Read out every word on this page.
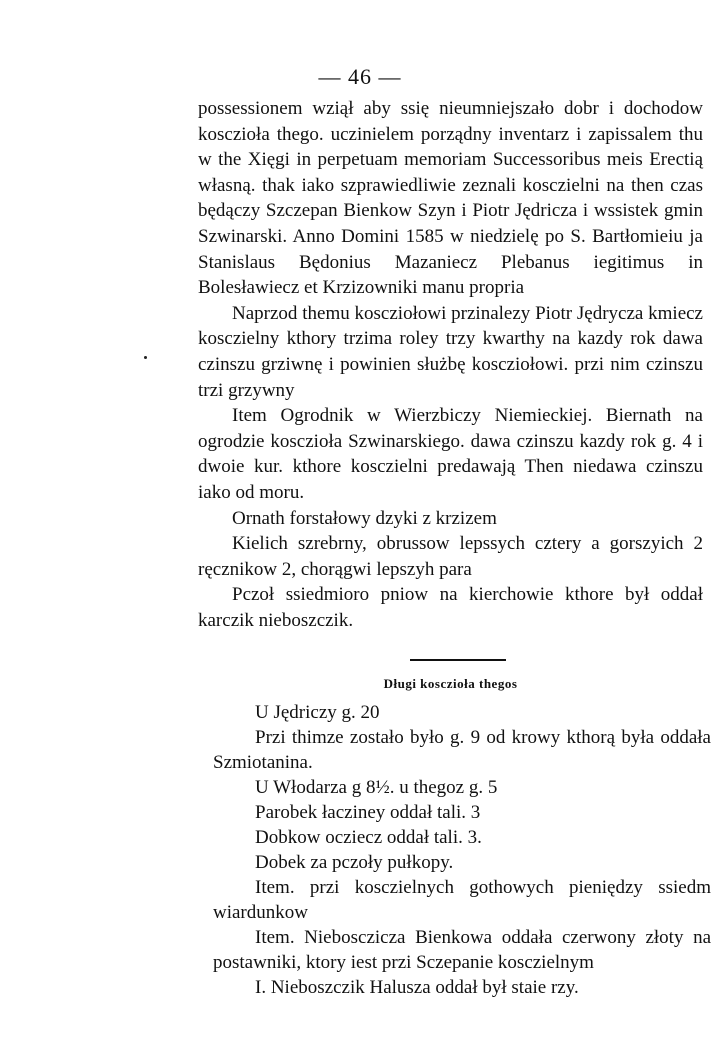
— 46 —

possessionem wziął aby ssię nieumniejszało dobr i dochodow kosczioła thego. uczinielem porządny inventarz i zapissalem thu w the Xięgi in perpetuam memoriam Successoribus meis Erectią własną. thak iako szprawiedliwie zeznali kosczielni na then czas będączy Szczepan Bienkow Szyn i Piotr Jędricza i wssistek gmin Szwinarski. Anno Domini 1585 w niedzielę po S. Bartłomieiu ja Stanislaus Będonius Mazaniecz Plebanus iegitimus in Bolesławiecz et Krzizowniki manu propria

Naprzod themu koscziołowi przinalezy Piotr Jędrycza kmiecz kosczielny kthory trzima roley trzy kwarthy na kazdy rok dawa czinszu grziwnę i powinien służbę koscziołowi. przi nim czinszu trzi grzywny

Item Ogrodnik w Wierzbiczy Niemieckiej. Biernath na ogrodzie kosczioła Szwinarskiego. dawa czinszu kazdy rok g. 4 i dwoie kur. kthore kosczielni predawają Then niedawa czinszu iako od moru.

Ornath forstałowy dzyki z krzizem

Kielich szrebrny, obrussow lepssych cztery a gorszyich 2 ręcznikow 2, chorągwi lepszyh para

Pczoł ssiedmioro pniow na kierchowie kthore był oddał karczik nieboszczik.

Długi kosczioła thegos

U Jędriczy g. 20

Przi thimze zostało było g. 9 od krowy kthorą była oddała Szmiotanina.

U Włodarza g 8½. u thegoz g. 5

Parobek łacziney oddał tali. 3

Dobkow ocziecz oddał tali. 3.

Dobek za pczoły pułkopy.

Item. przi kosczielnych gothowych pieniędzy ssiedm wiardunkow

Item. Nieboscziczа Bienkowa oddała czerwony złoty na postawniki, ktory iest przi Sczepanie kosczielnym

I. Nieboszczik Halusza oddał był staie rzy.
